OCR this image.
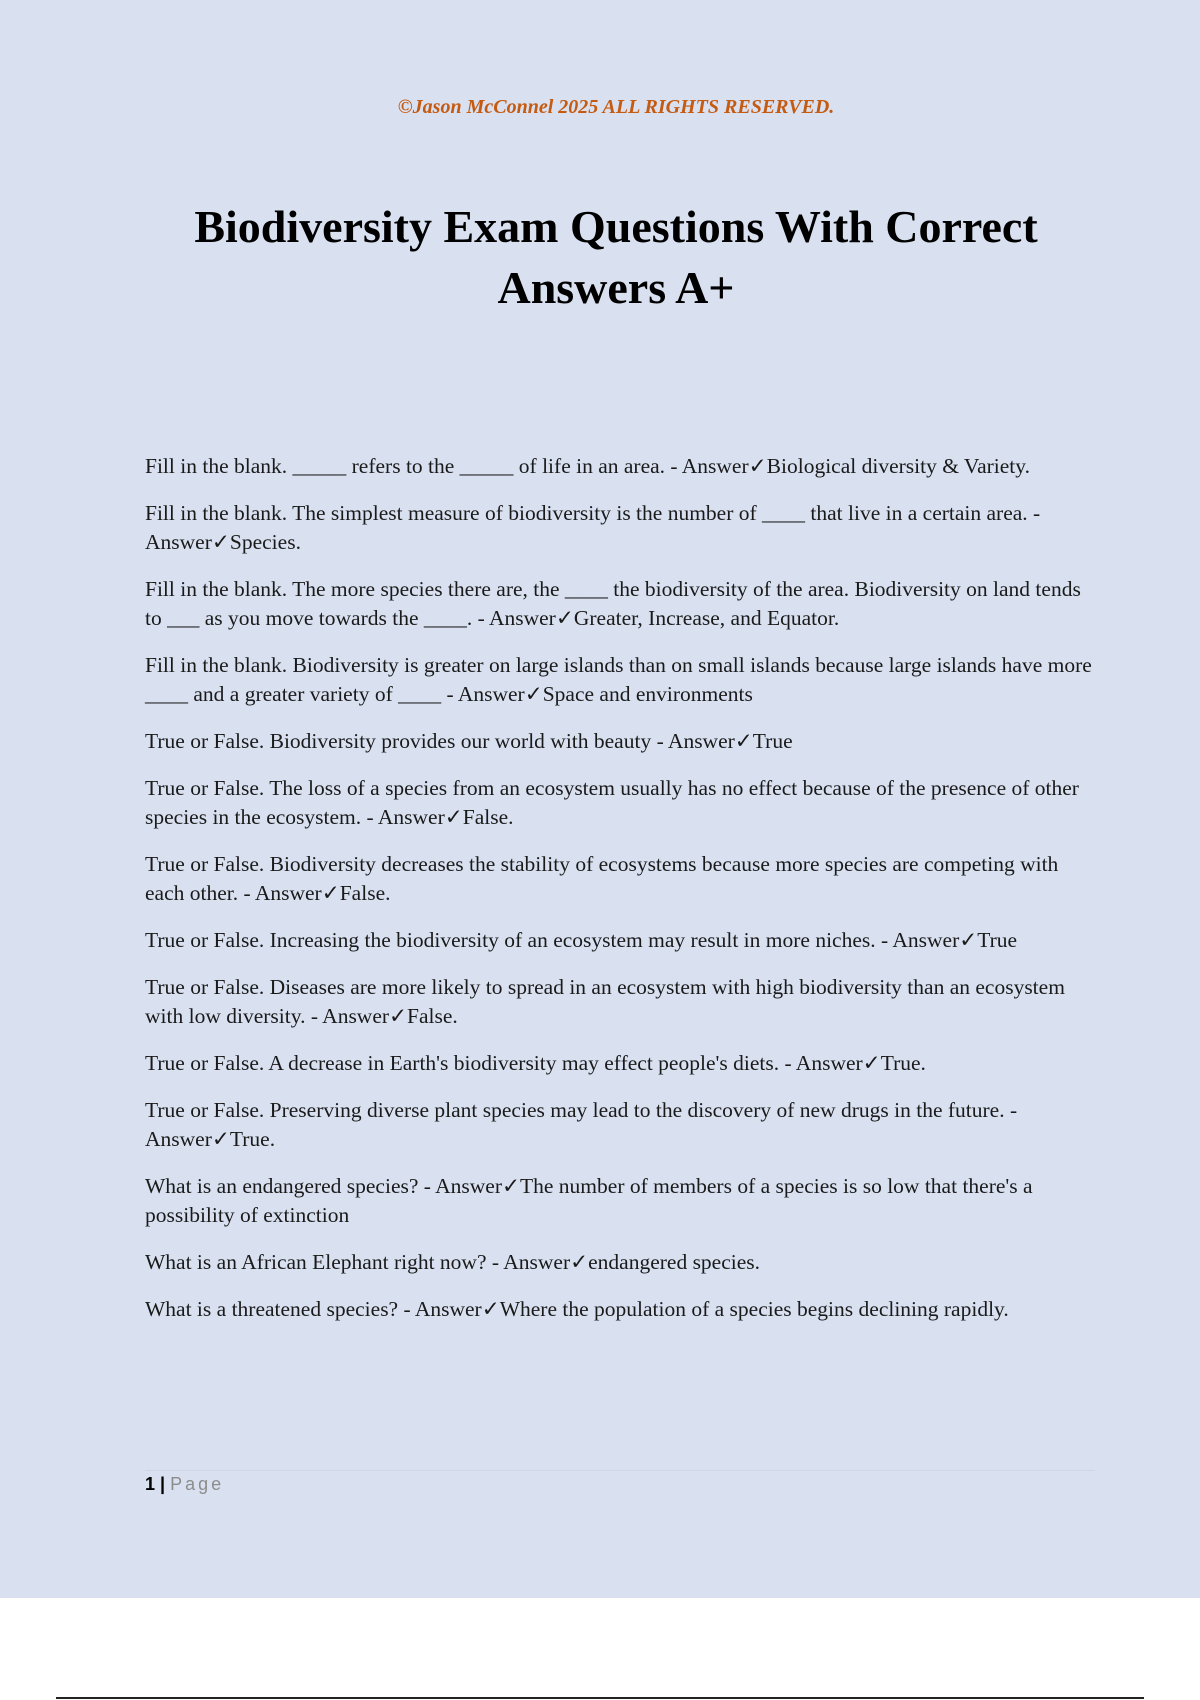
©Jason McConnel 2025 ALL RIGHTS RESERVED.
Biodiversity Exam Questions With Correct Answers A+
Fill in the blank. _____ refers to the _____ of life in an area. - Answer✓Biological diversity & Variety.
Fill in the blank. The simplest measure of biodiversity is the number of ____ that live in a certain area. - Answer✓Species.
Fill in the blank. The more species there are, the ____ the biodiversity of the area. Biodiversity on land tends to ___ as you move towards the ____. - Answer✓Greater, Increase, and Equator.
Fill in the blank. Biodiversity is greater on large islands than on small islands because large islands have more ____ and a greater variety of ____ - Answer✓Space and environments
True or False. Biodiversity provides our world with beauty - Answer✓True
True or False. The loss of a species from an ecosystem usually has no effect because of the presence of other species in the ecosystem. - Answer✓False.
True or False. Biodiversity decreases the stability of ecosystems because more species are competing with each other. - Answer✓False.
True or False. Increasing the biodiversity of an ecosystem may result in more niches. - Answer✓True
True or False. Diseases are more likely to spread in an ecosystem with high biodiversity than an ecosystem with low diversity. - Answer✓False.
True or False. A decrease in Earth's biodiversity may effect people's diets. - Answer✓True.
True or False. Preserving diverse plant species may lead to the discovery of new drugs in the future. - Answer✓True.
What is an endangered species? - Answer✓The number of members of a species is so low that there's a possibility of extinction
What is an African Elephant right now? - Answer✓endangered species.
What is a threatened species? - Answer✓Where the population of a species begins declining rapidly.
1 | Page
